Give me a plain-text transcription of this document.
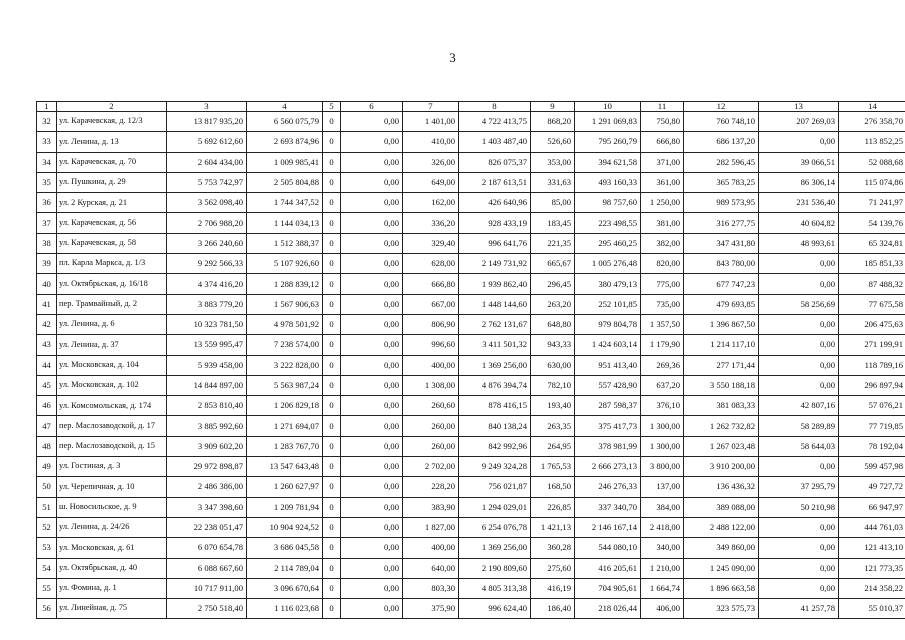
3
1	2	3	4	5	6	7	8	9	10	11	12	13	14
32	ул. Карачевская, д. 12/3	13 817 935,20	6 560 075,79	0	0,00	1 401,00	4 722 413,75	868,20	1 291 069,83	750,80	760 748,10	207 269,03	276 358,70
33	ул. Ленина, д. 13	5 692 612,60	2 693 874,96	0	0,00	410,00	1 403 487,40	526,60	795 260,79	666,80	686 137,20	0,00	113 852,25
34	ул. Карачевская, д. 70	2 604 434,00	1 009 985,41	0	0,00	326,00	826 075,37	353,00	394 621,58	371,00	282 596,45	39 066,51	52 088,68
35	ул. Пушкина, д. 29	5 753 742,97	2 505 804,88	0	0,00	649,00	2 187 613,51	331,63	493 160,33	361,00	365 783,25	86 306,14	115 074,86
36	ул. 2 Курская, д. 21	3 562 098,40	1 744 347,52	0	0,00	162,00	426 640,96	85,00	98 757,60	1 250,00	989 573,95	231 536,40	71 241,97
37	ул. Карачевская, д. 56	2 706 988,20	1 144 034,13	0	0,00	336,20	928 433,19	183,45	223 498,55	381,00	316 277,75	40 604,82	54 139,76
38	ул. Карачевская, д. 58	3 266 240,60	1 512 388,37	0	0,00	329,40	996 641,76	221,35	295 460,25	382,00	347 431,80	48 993,61	65 324,81
39	пл. Карла Маркса, д. 1/3	9 292 566,33	5 107 926,60	0	0,00	628,00	2 149 731,92	665,67	1 005 276,48	820,00	843 780,00	0,00	185 851,33
40	ул. Октябрьская, д. 16/18	4 374 416,20	1 288 839,12	0	0,00	666,80	1 939 862,40	296,45	380 479,13	775,00	677 747,23	0,00	87 488,32
41	пер. Трамвайный, д. 2	3 883 779,20	1 567 906,63	0	0,00	667,00	1 448 144,60	263,20	252 101,85	735,00	479 693,85	58 256,69	77 675,58
42	ул. Ленина, д. 6	10 323 781,50	4 978 501,92	0	0,00	806,90	2 762 131,67	648,80	979 804,78	1 357,50	1 396 867,50	0,00	206 475,63
43	ул. Ленина, д. 37	13 559 995,47	7 238 574,00	0	0,00	996,60	3 411 501,32	943,33	1 424 603,14	1 179,90	1 214 117,10	0,00	271 199,91
44	ул. Московская, д. 104	5 939 458,00	3 222 828,00	0	0,00	400,00	1 369 256,00	630,00	951 413,40	269,36	277 171,44	0,00	118 789,16
45	ул. Московская, д. 102	14 844 897,00	5 563 987,24	0	0,00	1 308,00	4 876 394,74	782,10	557 428,90	637,20	3 550 188,18	0,00	296 897,94
46	ул. Комсомольская, д. 174	2 853 810,40	1 206 829,18	0	0,00	260,60	878 416,15	193,40	287 598,37	376,10	381 083,33	42 807,16	57 076,21
47	пер. Маслозаводской, д. 17	3 885 992,60	1 271 694,07	0	0,00	260,00	840 138,24	263,35	375 417,73	1 300,00	1 262 732,82	58 289,89	77 719,85
48	пер. Маслозаводской, д. 15	3 909 602,20	1 283 767,70	0	0,00	260,00	842 992,96	264,95	378 981,99	1 300,00	1 267 023,48	58 644,03	78 192,04
49	ул. Гостиная, д. 3	29 972 898,87	13 547 643,48	0	0,00	2 702,00	9 249 324,28	1 765,53	2 666 273,13	3 800,00	3 910 200,00	0,00	599 457,98
50	ул. Черепичная, д. 10	2 486 386,00	1 260 627,97	0	0,00	228,20	756 021,87	168,50	246 276,33	137,00	136 436,32	37 295,79	49 727,72
51	ш. Новосильское, д. 9	3 347 398,60	1 209 781,94	0	0,00	383,90	1 294 029,01	226,85	337 340,70	384,00	389 088,00	50 210,98	66 947,97
52	ул. Ленина, д. 24/26	22 238 051,47	10 904 924,52	0	0,00	1 827,00	6 254 076,78	1 421,13	2 146 167,14	2 418,00	2 488 122,00	0,00	444 761,03
53	ул. Московская, д. 61	6 070 654,78	3 686 045,58	0	0,00	400,00	1 369 256,00	360,28	544 080,10	340,00	349 860,00	0,00	121 413,10
54	ул. Октябрьская, д. 40	6 088 667,60	2 114 789,04	0	0,00	640,00	2 190 809,60	275,60	416 205,61	1 210,00	1 245 090,00	0,00	121 773,35
55	ул. Фомина, д. 1	10 717 911,00	3 096 670,64	0	0,00	803,30	4 805 313,38	416,19	704 905,61	1 664,74	1 896 663,58	0,00	214 358,22
56	ул. Линейная, д. 75	2 750 518,40	1 116 023,68	0	0,00	375,90	996 624,40	186,40	218 026,44	406,00	323 575,73	41 257,78	55 010,37
